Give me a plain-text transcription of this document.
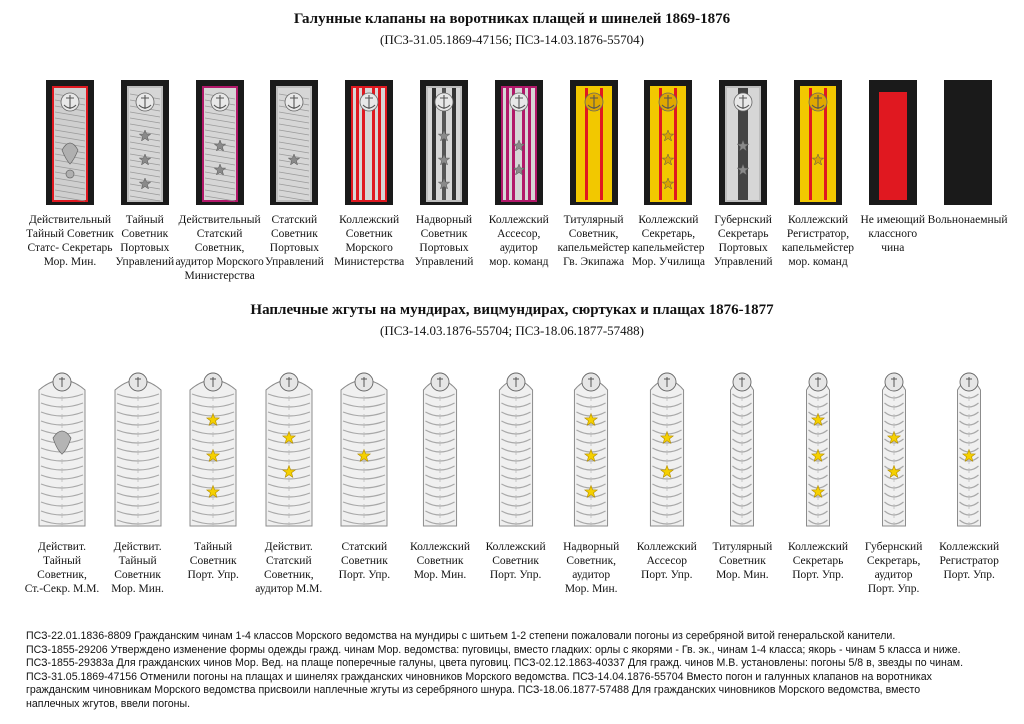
Галунные клапаны на воротниках плащей и шинелей 1869-1876
(ПСЗ-31.05.1869-47156; ПСЗ-14.03.1876-55704)
Действительный
Тайный Советник
Статс- Секретарь
Мор. Мин.
Тайный
Советник
Портовых
Управлений
Действительный
Статский Советник,
аудитор Морского
Министерства
Статский
Советник
Портовых
Управлений
Коллежский
Советник
Морского
Министерства
Надворный
Советник
Портовых
Управлений
Коллежский
Ассесор,
аудитор
мор. команд
Титулярный
Советник,
капельмейстер
Гв. Экипажа
Коллежский
Секретарь,
капельмейстер
Мор. Училища
Губернский
Секретарь
Портовых
Управлений
Коллежский
Регистратор,
капельмейстер
мор. команд
Не имеющий
классного
чина
Вольнонаемный
Наплечные жгуты на мундирах, вицмундирах, сюртуках и плащах 1876-1877
(ПСЗ-14.03.1876-55704; ПСЗ-18.06.1877-57488)
Действит.
Тайный
Советник,
Ст.-Секр. М.М.
Действит.
Тайный
Советник
Мор. Мин.
Тайный
Советник
Порт. Упр.
Действит.
Статский
Советник,
аудитор М.М.
Статский
Советник
Порт. Упр.
Коллежский
Советник
Мор. Мин.
Коллежский
Советник
Порт. Упр.
Надворный
Советник,
аудитор
Мор. Мин.
Коллежский
Ассесор
Порт. Упр.
Титулярный
Советник
Мор. Мин.
Коллежский
Секретарь
Порт. Упр.
Губернский
Секретарь,
аудитор
Порт. Упр.
Коллежский
Регистратор
Порт. Упр.
ПСЗ-22.01.1836-8809 Гражданским чинам 1-4 классов Морского ведомства на мундиры с шитьем 1-2 степени пожаловали погоны из серебряной витой генеральской канители.
ПСЗ-1855-29206 Утверждено изменение формы одежды гражд. чинам Мор. ведомства: пуговицы, вместо гладких: орлы с якорями - Гв. эк., чинам 1-4 класса; якорь - чинам 5 класса и ниже.
ПСЗ-1855-29383а Для гражданских чинов Мор. Вед. на плаще поперечные галуны, цвета пуговиц. ПСЗ-02.12.1863-40337 Для гражд. чинов М.В. установлены: погоны 5/8 в, звезды по чинам.
ПСЗ-31.05.1869-47156 Отменили погоны на плащах и шинелях гражданских чиновников Морского ведомства. ПСЗ-14.04.1876-55704 Вместо погон и галунных клапанов на воротниках
гражданским чиновникам Морского ведомства присвоили наплечные жгуты из серебряного шнура. ПСЗ-18.06.1877-57488 Для гражданских чиновников Морского ведомства, вместо
наплечных жгутов, ввели погоны.
